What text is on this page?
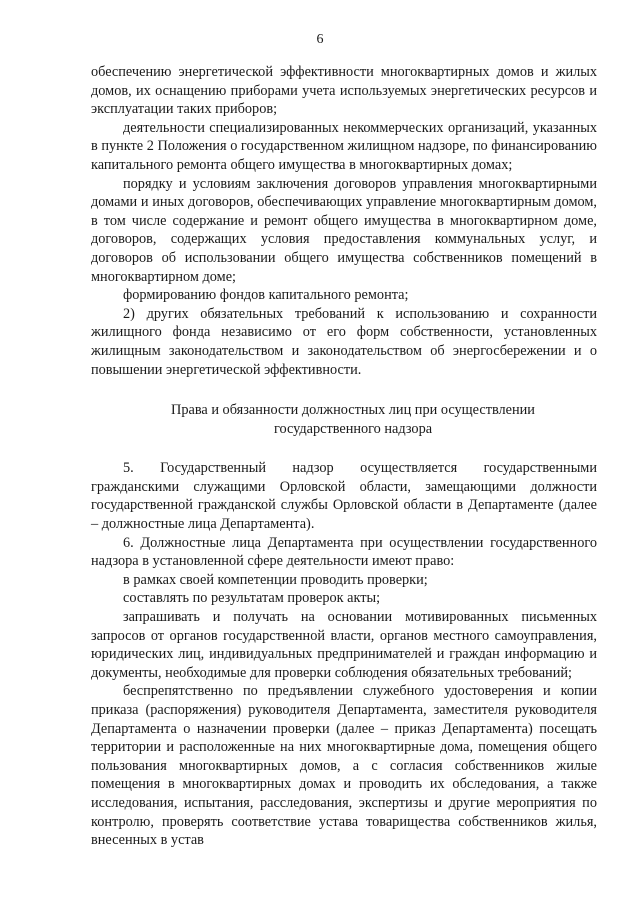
6

обеспечению энергетической эффективности многоквартирных домов и жилых домов, их оснащению приборами учета используемых энергетических ресурсов и эксплуатации таких приборов;

деятельности специализированных некоммерческих организаций, указанных в пункте 2 Положения о государственном жилищном надзоре, по финансированию капитального ремонта общего имущества в многоквартирных домах;

порядку и условиям заключения договоров управления многоквартирными домами и иных договоров, обеспечивающих управление многоквартирным домом, в том числе содержание и ремонт общего имущества в многоквартирном доме, договоров, содержащих условия предоставления коммунальных услуг, и договоров об использовании общего имущества собственников помещений в многоквартирном доме;

формированию фондов капитального ремонта;

2) других обязательных требований к использованию и сохранности жилищного фонда независимо от его форм собственности, установленных жилищным законодательством и законодательством об энергосбережении и о повышении энергетической эффективности.

Права и обязанности должностных лиц при осуществлении
государственного надзора

5. Государственный надзор осуществляется государственными гражданскими служащими Орловской области, замещающими должности государственной гражданской службы Орловской области в Департаменте (далее – должностные лица Департамента).

6. Должностные лица Департамента при осуществлении государственного надзора в установленной сфере деятельности имеют право:

в рамках своей компетенции проводить проверки;

составлять по результатам проверок акты;

запрашивать и получать на основании мотивированных письменных запросов от органов государственной власти, органов местного самоуправления, юридических лиц, индивидуальных предпринимателей и граждан информацию и документы, необходимые для проверки соблюдения обязательных требований;

беспрепятственно по предъявлении служебного удостоверения и копии приказа (распоряжения) руководителя Департамента, заместителя руководителя Департамента о назначении проверки (далее – приказ Департамента) посещать территории и расположенные на них многоквартирные дома, помещения общего пользования многоквартирных домов, а с согласия собственников жилые помещения в многоквартирных домах и проводить их обследования, а также исследования, испытания, расследования, экспертизы и другие мероприятия по контролю, проверять соответствие устава товарищества собственников жилья, внесенных в устав
